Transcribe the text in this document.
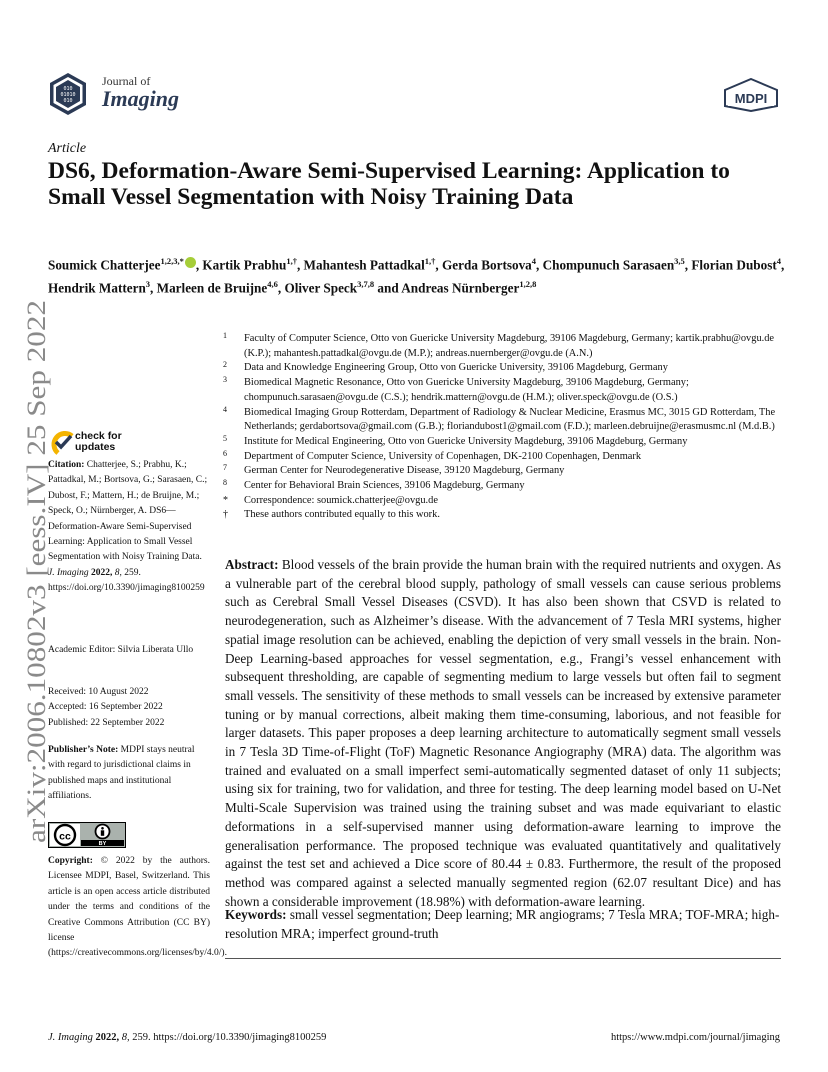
010
01010
010
Journal of
Imaging	MDPI
Article
DS6, Deformation-Aware Semi-Supervised Learning: Application to Small Vessel Segmentation with Noisy Training Data
Soumick Chatterjee$^{1,2,3,*}$ , Kartik Prabhu$^{1,\dagger}$, Mahantesh Pattadkal$^{1,\dagger}$, Gerda Bortsova$^4$, Chompunuch Sarasaen$^{3,5}$, Florian Dubost$^4$, Hendrik Mattern$^3$, Marleen de Bruijne$^{4,6}$, Oliver Speck$^{3,7,8}$ and Andreas Nürnberger$^{1,2,8}$
arXiv:2006.10802v3 [eess.IV] 25 Sep 2022
1 Faculty of Computer Science, Otto von Guericke University Magdeburg, 39106 Magdeburg, Germany; kartik.prabhu@ovgu.de (K.P.); mahantesh.pattadkal@ovgu.de (M.P.); andreas.nuernberger@ovgu.de (A.N.)
2 Data and Knowledge Engineering Group, Otto von Guericke University, 39106 Magdeburg, Germany
3 Biomedical Magnetic Resonance, Otto von Guericke University Magdeburg, 39106 Magdeburg, Germany; chompunuch.sarasaen@ovgu.de (C.S.); hendrik.mattern@ovgu.de (H.M.); oliver.speck@ovgu.de (O.S.)
4 Biomedical Imaging Group Rotterdam, Department of Radiology & Nuclear Medicine, Erasmus MC, 3015 GD Rotterdam, The Netherlands; gerdabortsova@gmail.com (G.B.); floriandubost1@gmail.com (F.D.); marleen.debruijne@erasmusmc.nl (M.d.B.)
5 Institute for Medical Engineering, Otto von Guericke University Magdeburg, 39106 Magdeburg, Germany
6 Department of Computer Science, University of Copenhagen, DK-2100 Copenhagen, Denmark
7 German Center for Neurodegenerative Disease, 39120 Magdeburg, Germany
8 Center for Behavioral Brain Sciences, 39106 Magdeburg, Germany
* Correspondence: soumick.chatterjee@ovgu.de
† These authors contributed equally to this work.
check for
updates
Citation: Chatterjee, S.; Prabhu, K.; Pattadkal, M.; Bortsova, G.; Sarasaen, C.; Dubost, F.; Mattern, H.; de Bruijne, M.; Speck, O.; Nürnberger, A. DS6—Deformation-Aware Semi-Supervised Learning: Application to Small Vessel Segmentation with Noisy Training Data. J. Imaging 2022, 8, 259.
https://doi.org/10.3390/jimaging8100259
Academic Editor: Silvia Liberata Ullo
Received: 10 August 2022
Accepted: 16 September 2022
Published: 22 September 2022
Publisher’s Note: MDPI stays neutral with regard to jurisdictional claims in published maps and institutional affiliations.
cc
BY
Copyright: © 2022 by the authors. Licensee MDPI, Basel, Switzerland. This article is an open access article distributed under the terms and conditions of the Creative Commons Attribution (CC BY) license (https://creativecommons.org/licenses/by/4.0/).
Abstract: Blood vessels of the brain provide the human brain with the required nutrients and oxygen. As a vulnerable part of the cerebral blood supply, pathology of small vessels can cause serious problems such as Cerebral Small Vessel Diseases (CSVD). It has also been shown that CSVD is related to neurodegeneration, such as Alzheimer’s disease. With the advancement of 7 Tesla MRI systems, higher spatial image resolution can be achieved, enabling the depiction of very small vessels in the brain. Non-Deep Learning-based approaches for vessel segmentation, e.g., Frangi’s vessel enhancement with subsequent thresholding, are capable of segmenting medium to large vessels but often fail to segment small vessels. The sensitivity of these methods to small vessels can be increased by extensive parameter tuning or by manual corrections, albeit making them time-consuming, laborious, and not feasible for larger datasets. This paper proposes a deep learning architecture to automatically segment small vessels in 7 Tesla 3D Time-of-Flight (ToF) Magnetic Resonance Angiography (MRA) data. The algorithm was trained and evaluated on a small imperfect semi-automatically segmented dataset of only 11 subjects; using six for training, two for validation, and three for testing. The deep learning model based on U-Net Multi-Scale Supervision was trained using the training subset and was made equivariant to elastic deformations in a self-supervised manner using deformation-aware learning to improve the generalisation performance. The proposed technique was evaluated quantitatively and qualitatively against the test set and achieved a Dice score of 80.44 ± 0.83. Furthermore, the result of the proposed method was compared against a selected manually segmented region (62.07 resultant Dice) and has shown a considerable improvement (18.98%) with deformation-aware learning.
Keywords: small vessel segmentation; Deep learning; MR angiograms; 7 Tesla MRA; TOF-MRA; high-resolution MRA; imperfect ground-truth
J. Imaging 2022, 8, 259. https://doi.org/10.3390/jimaging8100259	https://www.mdpi.com/journal/jimaging
